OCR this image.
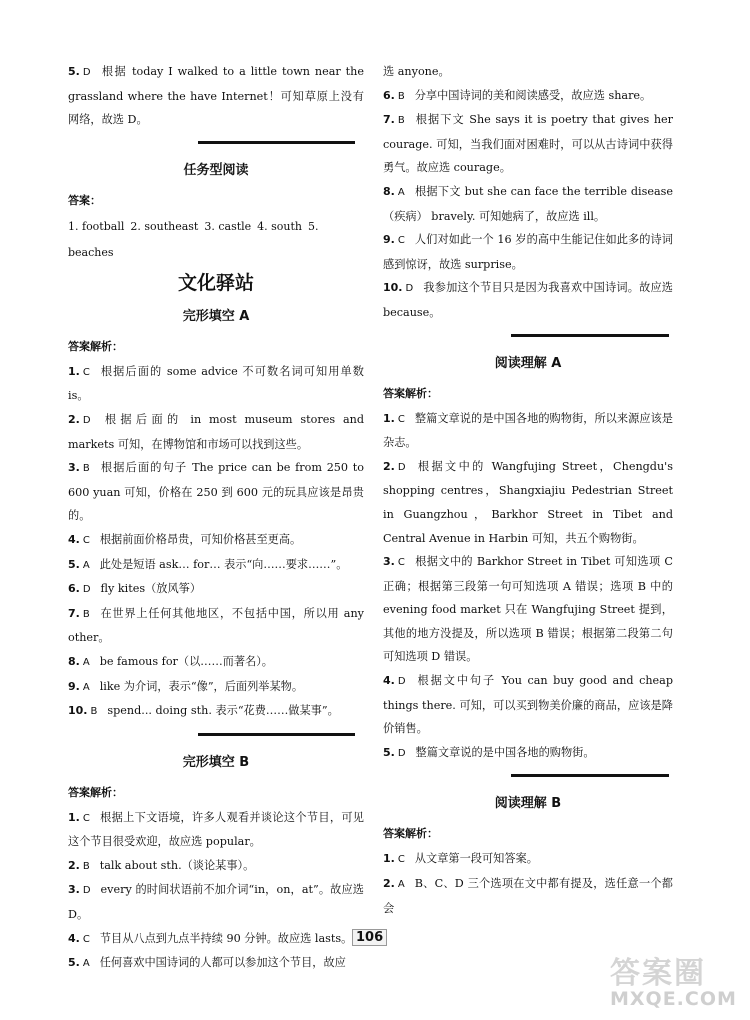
5. D 根据 today I walked to a little town near the grassland where the have Internet！可知草原上没有网络，故选 D。

任务型阅读
答案：
1. football 2. southeast 3. castle 4. south 5. beaches
文化驿站
完形填空 A
答案解析：

1. C 根据后面的 some advice 不可数名词可知用单数 is。

2. D 根据后面的 in most museum stores and markets 可知，在博物馆和市场可以找到这些。

3. B 根据后面的句子 The price can be from 250 to 600 yuan 可知，价格在 250 到 600 元的玩具应该是昂贵的。

4. C 根据前面价格昂贵，可知价格甚至更高。

5. A 此处是短语 ask… for… 表示“向……要求……”。

6. D fly kites（放风筝）

7. B 在世界上任何其他地区，不包括中国，所以用 any other。

8. A be famous for（以……而著名）。

9. A like 为介词，表示“像”，后面列举某物。

10. B spend... doing sth. 表示“花费……做某事”。

完形填空 B
答案解析：

1. C 根据上下文语境，许多人观看并谈论这个节目，可见这个节目很受欢迎，故应选 popular。

2. B talk about sth.（谈论某事）。

3. D every 的时间状语前不加介词“in，on，at”。故应选 D。

4. C 节目从八点到九点半持续 90 分钟。故应选 lasts。

5. A 任何喜欢中国诗词的人都可以参加这个节目，故应

选 anyone。

6. B 分享中国诗词的美和阅读感受，故应选 share。

7. B 根据下文 She says it is poetry that gives her courage. 可知，当我们面对困难时，可以从古诗词中获得勇气。故应选 courage。

8. A 根据下文 but she can face the terrible disease（疾病） bravely. 可知她病了，故应选 ill。

9. C 人们对如此一个 16 岁的高中生能记住如此多的诗词感到惊讶，故选 surprise。

10. D 我参加这个节目只是因为我喜欢中国诗词。故应选 because。

阅读理解 A
答案解析：

1. C 整篇文章说的是中国各地的购物街，所以来源应该是杂志。

2. D 根据文中的 Wangfujing Street，Chengdu's shopping centres，Shangxiajiu Pedestrian Street in Guangzhou，Barkhor Street in Tibet and Central Avenue in Harbin 可知，共五个购物街。

3. C 根据文中的 Barkhor Street in Tibet 可知选项 C 正确；根据第三段第一句可知选项 A 错误；选项 B 中的 evening food market 只在 Wangfujing Street 提到，其他的地方没提及，所以选项 B 错误；根据第二段第二句可知选项 D 错误。

4. D 根据文中句子 You can buy good and cheap things there. 可知，可以买到物美价廉的商品，应该是降价销售。

5. D 整篇文章说的是中国各地的购物街。

阅读理解 B
答案解析：

1. C 从文章第一段可知答案。

2. A B、C、D 三个选项在文中都有提及，选任意一个都会

106
答案圈
MXQE.COM
